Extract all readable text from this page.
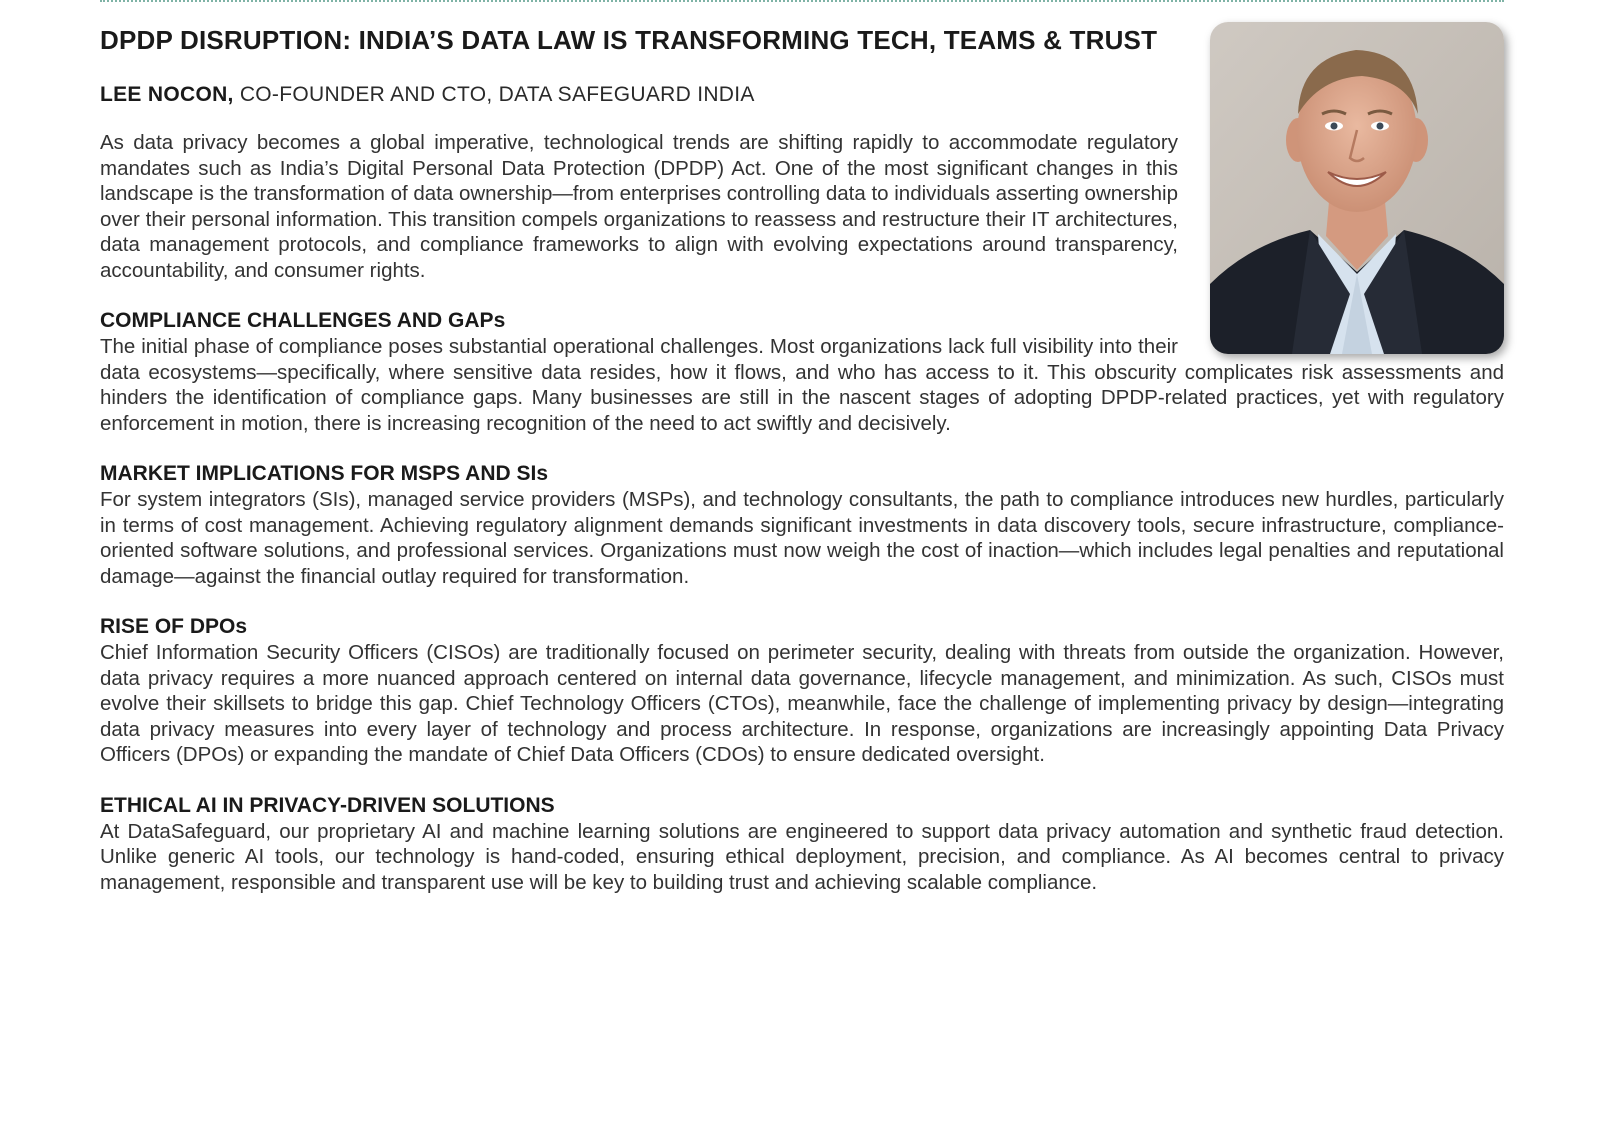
DPDP DISRUPTION: INDIA’S DATA LAW IS TRANSFORMING TECH, TEAMS & TRUST
LEE NOCON, CO-FOUNDER AND CTO, DATA SAFEGUARD INDIA

As data privacy becomes a global imperative, technological trends are shifting rapidly to accommodate regulatory mandates such as India’s Digital Personal Data Protection (DPDP) Act. One of the most significant changes in this landscape is the transformation of data ownership—from enterprises controlling data to individuals asserting ownership over their personal information. This transition compels organizations to reassess and restructure their IT architectures, data management protocols, and compliance frameworks to align with evolving expectations around transparency, accountability, and consumer rights.

COMPLIANCE CHALLENGES AND GAPs

The initial phase of compliance poses substantial operational challenges. Most organizations lack full visibility into their data ecosystems—specifically, where sensitive data resides, how it flows, and who has access to it. This obscurity complicates risk assessments and hinders the identification of compliance gaps. Many businesses are still in the nascent stages of adopting DPDP-related practices, yet with regulatory enforcement in motion, there is increasing recognition of the need to act swiftly and decisively.

MARKET IMPLICATIONS FOR MSPS AND SIs

For system integrators (SIs), managed service providers (MSPs), and technology consultants, the path to compliance introduces new hurdles, particularly in terms of cost management. Achieving regulatory alignment demands significant investments in data discovery tools, secure infrastructure, compliance-oriented software solutions, and professional services. Organizations must now weigh the cost of inaction—which includes legal penalties and reputational damage—against the financial outlay required for transformation.

RISE OF DPOs

Chief Information Security Officers (CISOs) are traditionally focused on perimeter security, dealing with threats from outside the organization. However, data privacy requires a more nuanced approach centered on internal data governance, lifecycle management, and minimization. As such, CISOs must evolve their skillsets to bridge this gap. Chief Technology Officers (CTOs), meanwhile, face the challenge of implementing privacy by design—integrating data privacy measures into every layer of technology and process architecture. In response, organizations are increasingly appointing Data Privacy Officers (DPOs) or expanding the mandate of Chief Data Officers (CDOs) to ensure dedicated oversight.

ETHICAL AI IN PRIVACY-DRIVEN SOLUTIONS

At DataSafeguard, our proprietary AI and machine learning solutions are engineered to support data privacy automation and synthetic fraud detection. Unlike generic AI tools, our technology is hand-coded, ensuring ethical deployment, precision, and compliance. As AI becomes central to privacy management, responsible and transparent use will be key to building trust and achieving scalable compliance.
